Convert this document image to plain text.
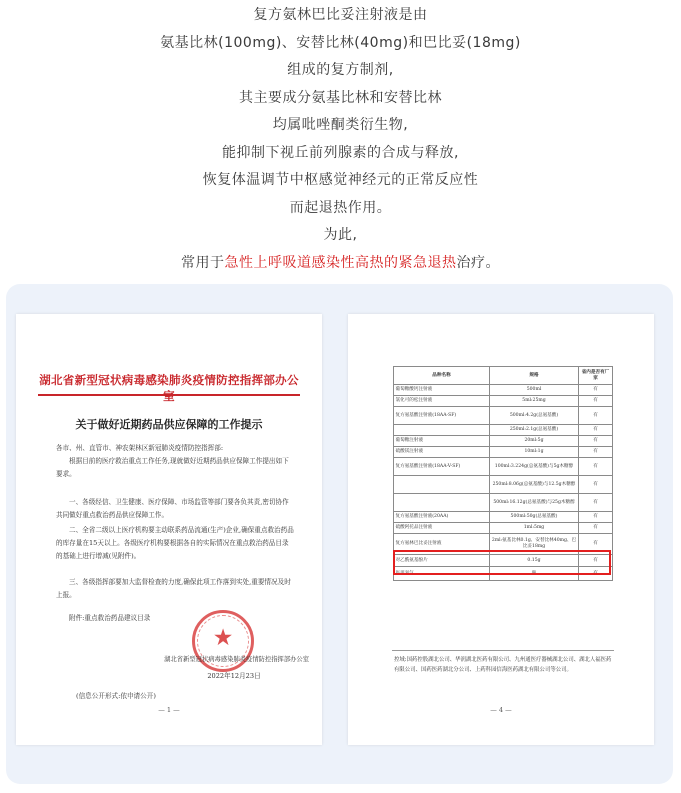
复方氨林巴比妥注射液是由
氨基比林(100mg)、安替比林(40mg)和巴比妥(18mg)
组成的复方制剂,
其主要成分氨基比林和安替比林
均属吡唑酮类衍生物,
能抑制下视丘前列腺素的合成与释放,
恢复体温调节中枢感觉神经元的正常反应性
而起退热作用。
为此,
常用于急性上呼吸道感染性高热的紧急退热治疗。
湖北省新型冠状病毒感染肺炎疫情防控指挥部办公室
关于做好近期药品供应保障的工作提示
各市、州、直管市、神农架林区新冠肺炎疫情防控指挥部:
根据目前的医疗救治重点工作任务,现就做好近期药品供应保障工作提出如下要求。
一、各级经信、卫生健康、医疗保障、市场监管等部门要各负其责,密切协作共同做好重点救治药品供应保障工作。
二、全省二级以上医疗机构要主动联系药品流通(生产)企业,确保重点救治药品的库存量在15天以上。各级医疗机构要根据各自的实际情况在重点救治药品目录的基础上进行增减(见附件)。
三、各级指挥部要加大监督检查的力度,确保此项工作落到实处,重要情况及时上报。
附件:重点救治药品建议目录
★
湖北省新型冠状病毒感染肺炎疫情防控指挥部办公室
2022年12月23日
(信息公开形式:依申请公开)
— 1 —
品种名称	规格	省内是否有厂家
葡萄糖酸钙注射液	500ml	有
氯化可的松注射液	5ml:25mg	有
复方氨基酸注射液(18AA-SF)	500ml:4.2g(总氨基酸)	有
	250ml:2.1g(总氨基酸)	有
葡萄糖注射液	20ml:5g	有
硫酸镁注射液	10ml:1g	有
复方氨基酸注射液(18AA-V-SF)	100ml:3.224g(总氨基酸)与5g木糖醇	有
	250ml:8.06g(总氨基酸)与12.5g木糖醇	有
	500ml:16.12g(总氨基酸)与25g木糖醇	有
复方氨基酸注射液(20AA)	500ml:50g(总氨基酸)	有
硫酸阿托品注射液	1ml:5mg	有
复方氨林巴比妥注射液	2ml:氨基比林0.1g、安替比林40mg、巴比妥18mg	有
对乙酰氨基酚片	0.15g	有
医用氧气	瓶	有
控域:国药控股湖北公司、华润湖北医药有限公司、九州通医疗器械湖北公司、湖北人福医药有限公司、国药医药湖北分公司、上药科园信海医药湖北有限公司等公司。
— 4 —
